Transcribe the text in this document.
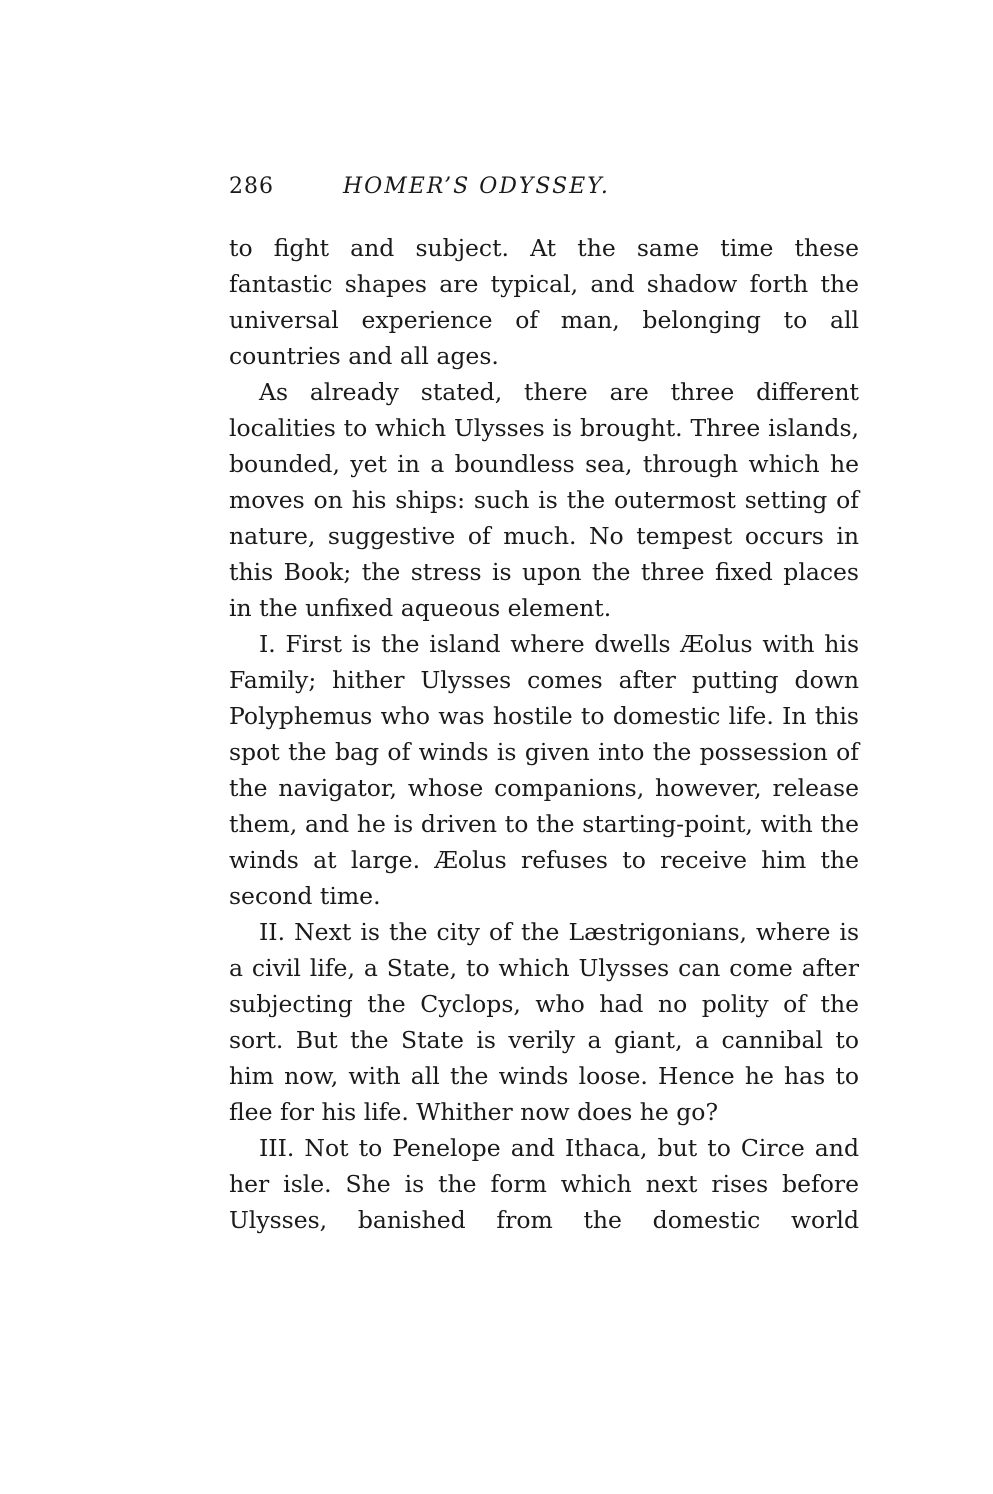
286	HOMER’S ODYSSEY.

to fight and subject. At the same time these fantastic shapes are typical, and shadow forth the universal experience of man, belonging to all countries and all ages.

As already stated, there are three different localities to which Ulysses is brought. Three islands, bounded, yet in a boundless sea, through which he moves on his ships: such is the outermost setting of nature, suggestive of much. No tempest occurs in this Book; the stress is upon the three fixed places in the unfixed aqueous element.

I. First is the island where dwells Æolus with his Family; hither Ulysses comes after putting down Polyphemus who was hostile to domestic life. In this spot the bag of winds is given into the possession of the navigator, whose companions, however, release them, and he is driven to the starting-point, with the winds at large. Æolus refuses to receive him the second time.

II. Next is the city of the Læstrigonians, where is a civil life, a State, to which Ulysses can come after subjecting the Cyclops, who had no polity of the sort. But the State is verily a giant, a cannibal to him now, with all the winds loose. Hence he has to flee for his life. Whither now does he go?

III. Not to Penelope and Ithaca, but to Circe and her isle. She is the form which next rises before Ulysses, banished from the domestic world
